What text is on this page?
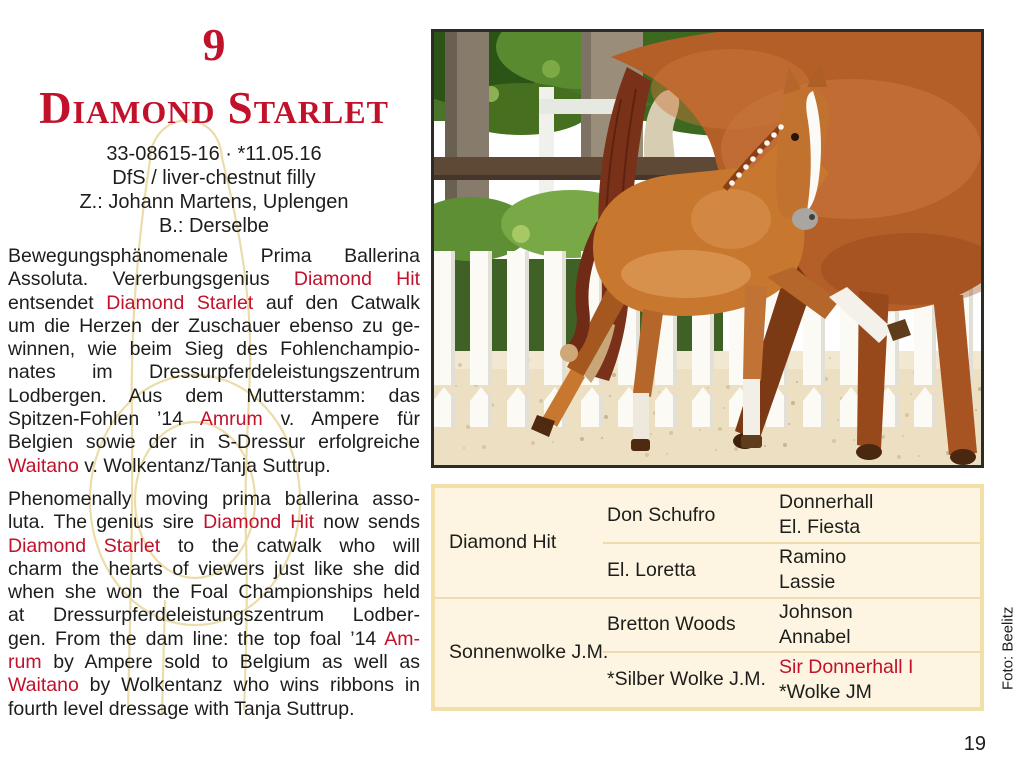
9
Diamond Starlet
33-08615-16 · *11.05.16
DfS / liver-chestnut filly
Z.: Johann Martens, Uplengen
B.: Derselbe
Bewegungsphänomenale Prima Ballerina
Assoluta. Vererbungsgenius Diamond Hit
entsendet Diamond Starlet auf den Catwalk
um die Herzen der Zuschauer ebenso zu ge-
winnen, wie beim Sieg des Fohlenchampio-
nates im Dressurpferdeleistungszentrum
Lodbergen. Aus dem Mutterstamm: das
Spitzen-Fohlen ’14 Amrum v. Ampere für
Belgien sowie der in S-Dressur erfolgreiche
Waitano v. Wolkentanz/Tanja Suttrup.
Phenomenally moving prima ballerina asso-
luta. The genius sire Diamond Hit now sends
Diamond Starlet to the catwalk who will
charm the hearts of viewers just like she did
when she won the Foal Championships held
at Dressurpferdeleistungszentrum Lodber-
gen. From the dam line: the top foal ’14 Am-
rum by Ampere sold to Belgium as well as
Waitano by Wolkentanz who wins ribbons in
fourth level dressage with Tanja Suttrup.
Diamond Hit
Sonnenwolke J.M.
Don Schufro
El. Loretta
Bretton Woods
*Silber Wolke J.M.
Donnerhall
El. Fiesta
Ramino
Lassie
Johnson
Annabel
Sir Donnerhall I
*Wolke JM
Foto: Beelitz
19
